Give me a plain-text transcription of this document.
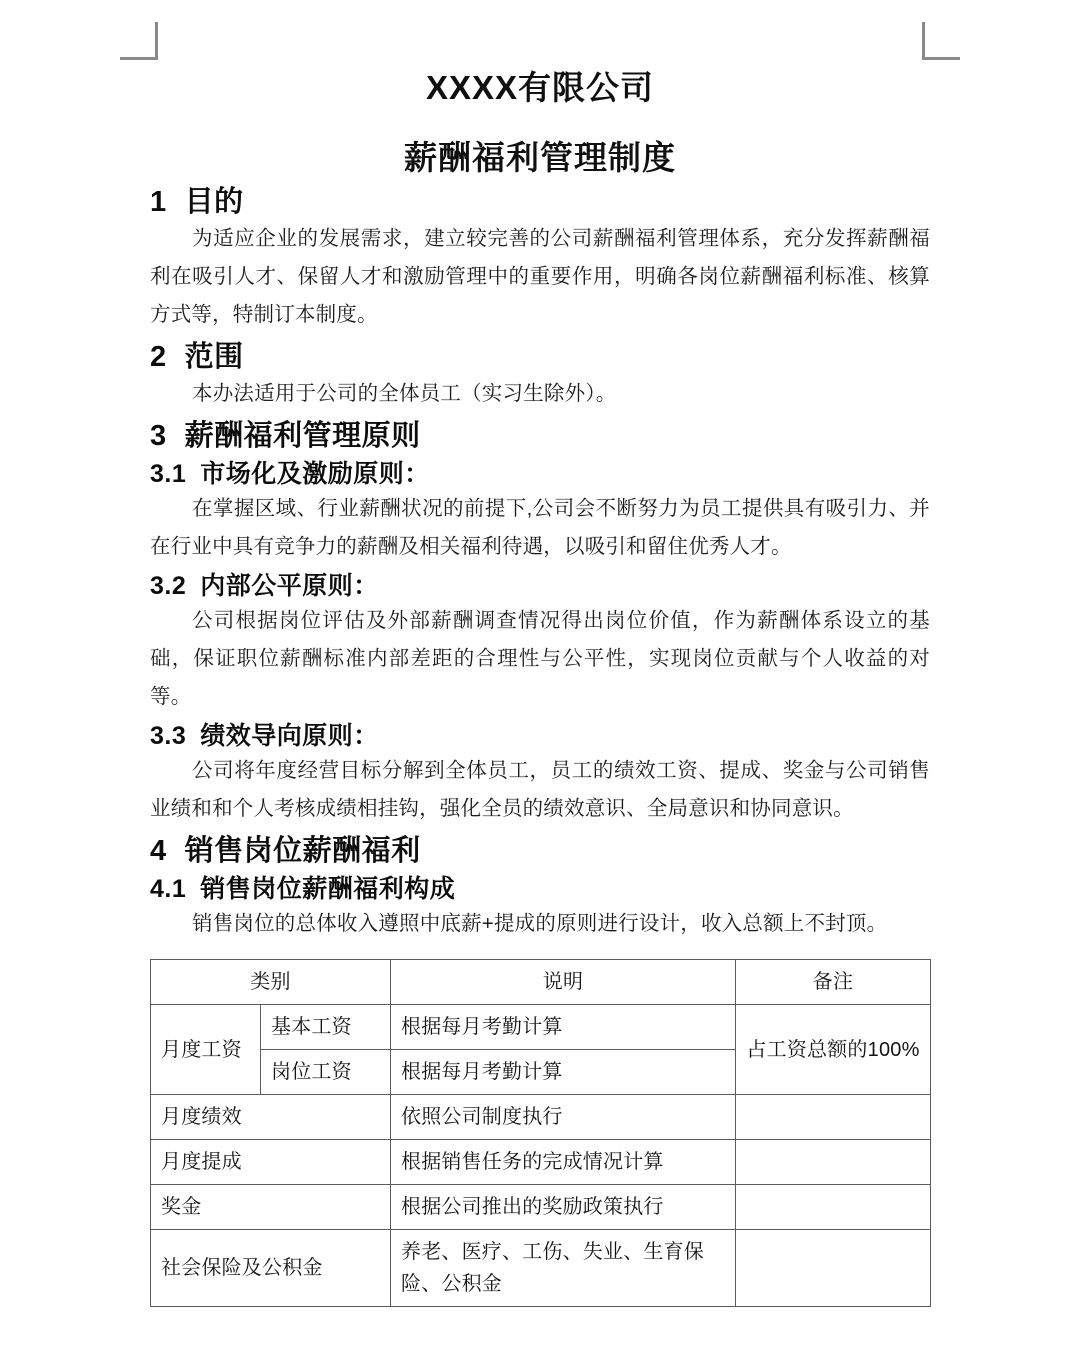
XXXX有限公司
薪酬福利管理制度
1 目的

为适应企业的发展需求，建立较完善的公司薪酬福利管理体系，充分发挥薪酬福利在吸引人才、保留人才和激励管理中的重要作用，明确各岗位薪酬福利标准、核算方式等，特制订本制度。

2 范围

本办法适用于公司的全体员工（实习生除外）。

3 薪酬福利管理原则
3.1 市场化及激励原则：

在掌握区域、行业薪酬状况的前提下,公司会不断努力为员工提供具有吸引力、并在行业中具有竞争力的薪酬及相关福利待遇，以吸引和留住优秀人才。

3.2 内部公平原则：

公司根据岗位评估及外部薪酬调查情况得出岗位价值，作为薪酬体系设立的基础，保证职位薪酬标准内部差距的合理性与公平性，实现岗位贡献与个人收益的对等。

3.3 绩效导向原则：

公司将年度经营目标分解到全体员工，员工的绩效工资、提成、奖金与公司销售业绩和和个人考核成绩相挂钩，强化全员的绩效意识、全局意识和协同意识。

4 销售岗位薪酬福利
4.1 销售岗位薪酬福利构成

销售岗位的总体收入遵照中底薪+提成的原则进行设计，收入总额上不封顶。

类别		说明	备注
月度工资	基本工资	根据每月考勤计算	占工资总额的100%
	岗位工资	根据每月考勤计算	
月度绩效		依照公司制度执行	
月度提成		根据销售任务的完成情况计算	
奖金		根据公司推出的奖励政策执行	
社会保险及公积金		养老、医疗、工伤、失业、生育保险、公积金	
